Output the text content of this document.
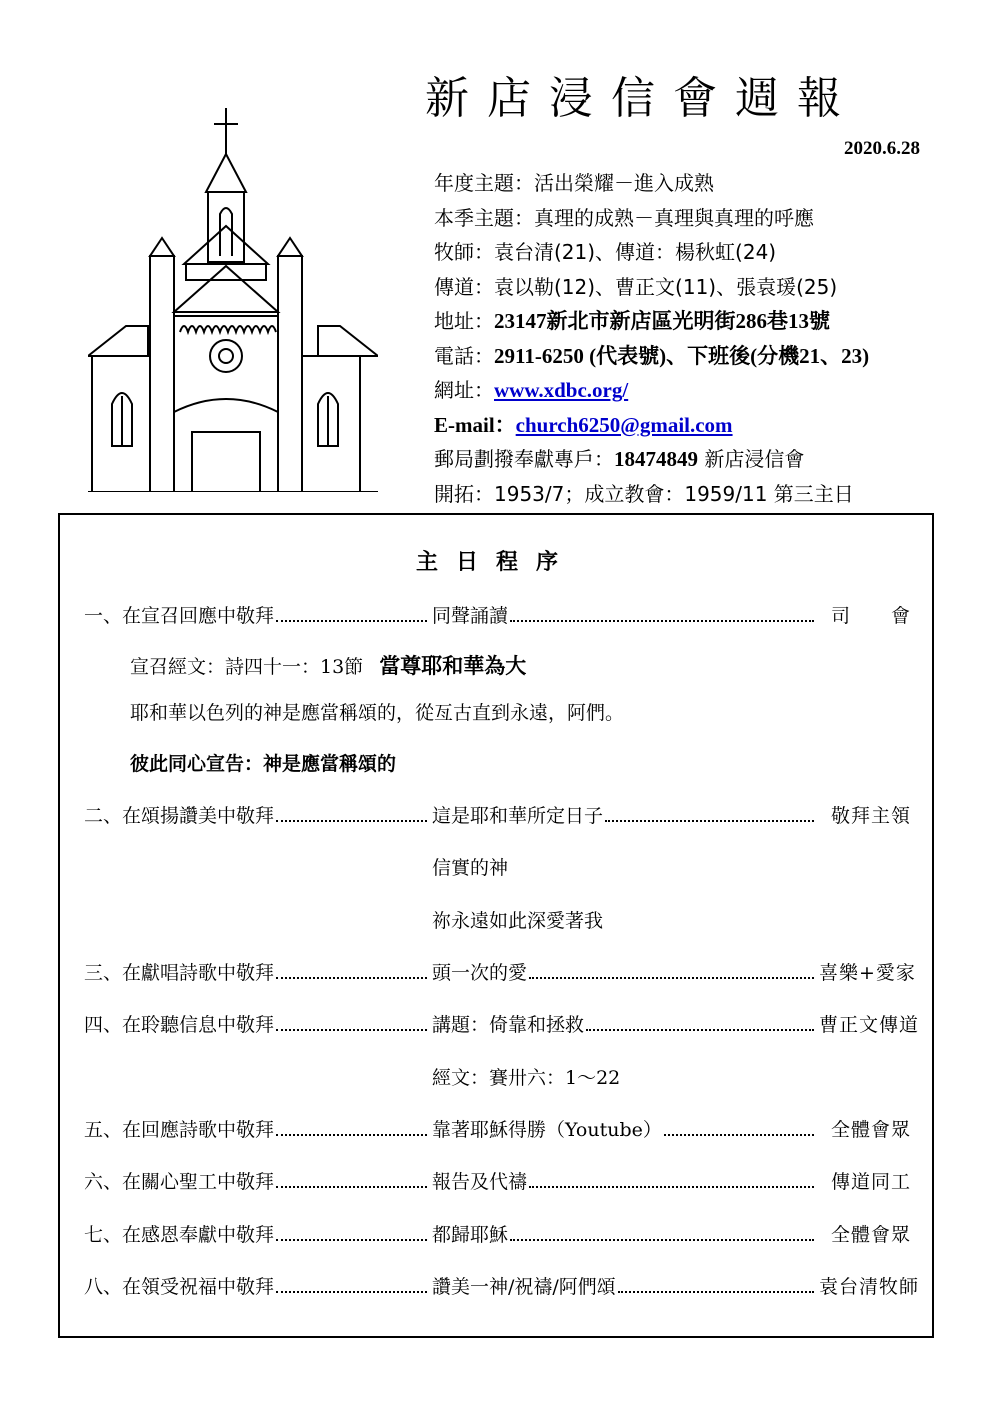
新店浸信會週報
2020.6.28
年度主題：活出榮耀－進入成熟
本季主題：真理的成熟－真理與真理的呼應
牧師：袁台清(21)、傳道：楊秋虹(24)
傳道：袁以勒(12)、曹正文(11)、張袁瑗(25)
地址：23147新北市新店區光明街286巷13號
電話：2911-6250 (代表號)、下班後(分機21、23)
網址：www.xdbc.org/
E-mail：church6250@gmail.com
郵局劃撥奉獻專戶：18474849 新店浸信會
開拓：1953/7；成立教會：1959/11 第三主日
主日程序
一、在宣召回應中敬拜	同聲誦讀	司　　會
宣召經文：詩四十一：13節 當尊耶和華為大
耶和華以色列的神是應當稱頌的，從亙古直到永遠，阿們。
彼此同心宣告：神是應當稱頌的
二、在頌揚讚美中敬拜	這是耶和華所定日子	敬拜主領
信實的神
祢永遠如此深愛著我
三、在獻唱詩歌中敬拜	頭一次的愛	喜樂+愛家
四、在聆聽信息中敬拜	講題：倚靠和拯救	曹正文傳道
經文：賽卅六：1～22
五、在回應詩歌中敬拜	靠著耶穌得勝（Youtube）	全體會眾
六、在關心聖工中敬拜	報告及代禱	傳道同工
七、在感恩奉獻中敬拜	都歸耶穌	全體會眾
八、在領受祝福中敬拜	讚美一神/祝禱/阿們頌	袁台清牧師
